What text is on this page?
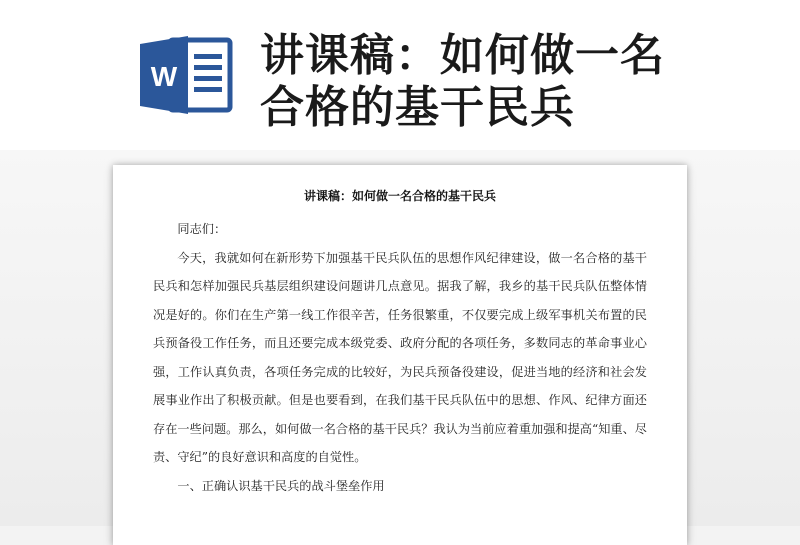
W 讲课稿：如何做一名
合格的基干民兵
讲课稿：如何做一名合格的基干民兵

同志们：

今天，我就如何在新形势下加强基干民兵队伍的思想作风纪律建设，做一名合格的基干民兵和怎样加强民兵基层组织建设问题讲几点意见。据我了解，我乡的基干民兵队伍整体情况是好的。你们在生产第一线工作很辛苦，任务很繁重，不仅要完成上级军事机关布置的民兵预备役工作任务，而且还要完成本级党委、政府分配的各项任务，多数同志的革命事业心强，工作认真负责，各项任务完成的比较好，为民兵预备役建设，促进当地的经济和社会发展事业作出了积极贡献。但是也要看到，在我们基干民兵队伍中的思想、作风、纪律方面还存在一些问题。那么，如何做一名合格的基干民兵？我认为当前应着重加强和提高“知重、尽责、守纪”的良好意识和高度的自觉性。

一、正确认识基干民兵的战斗堡垒作用
